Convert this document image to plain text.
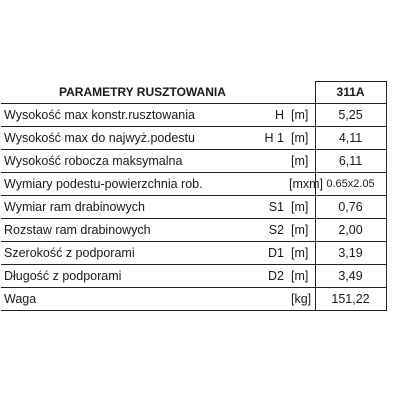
PARAMETRY RUSZTOWANIA			311A
Wysokość max konstr.rusztowania	H	[m]	5,25
Wysokość max do najwyż.podestu	H 1	[m]	4,11
Wysokość robocza maksymalna		[m]	6,11
Wymiary podestu-powierzchnia rob.		[mxm]	0.65x2.05
Wymiar ram drabinowych	S1	[m]	0,76
Rozstaw ram drabinowych	S2	[m]	2,00
Szerokość z podporami	D1	[m]	3,19
Długość z podporami	D2	[m]	3,49
Waga		[kg]	151,22
